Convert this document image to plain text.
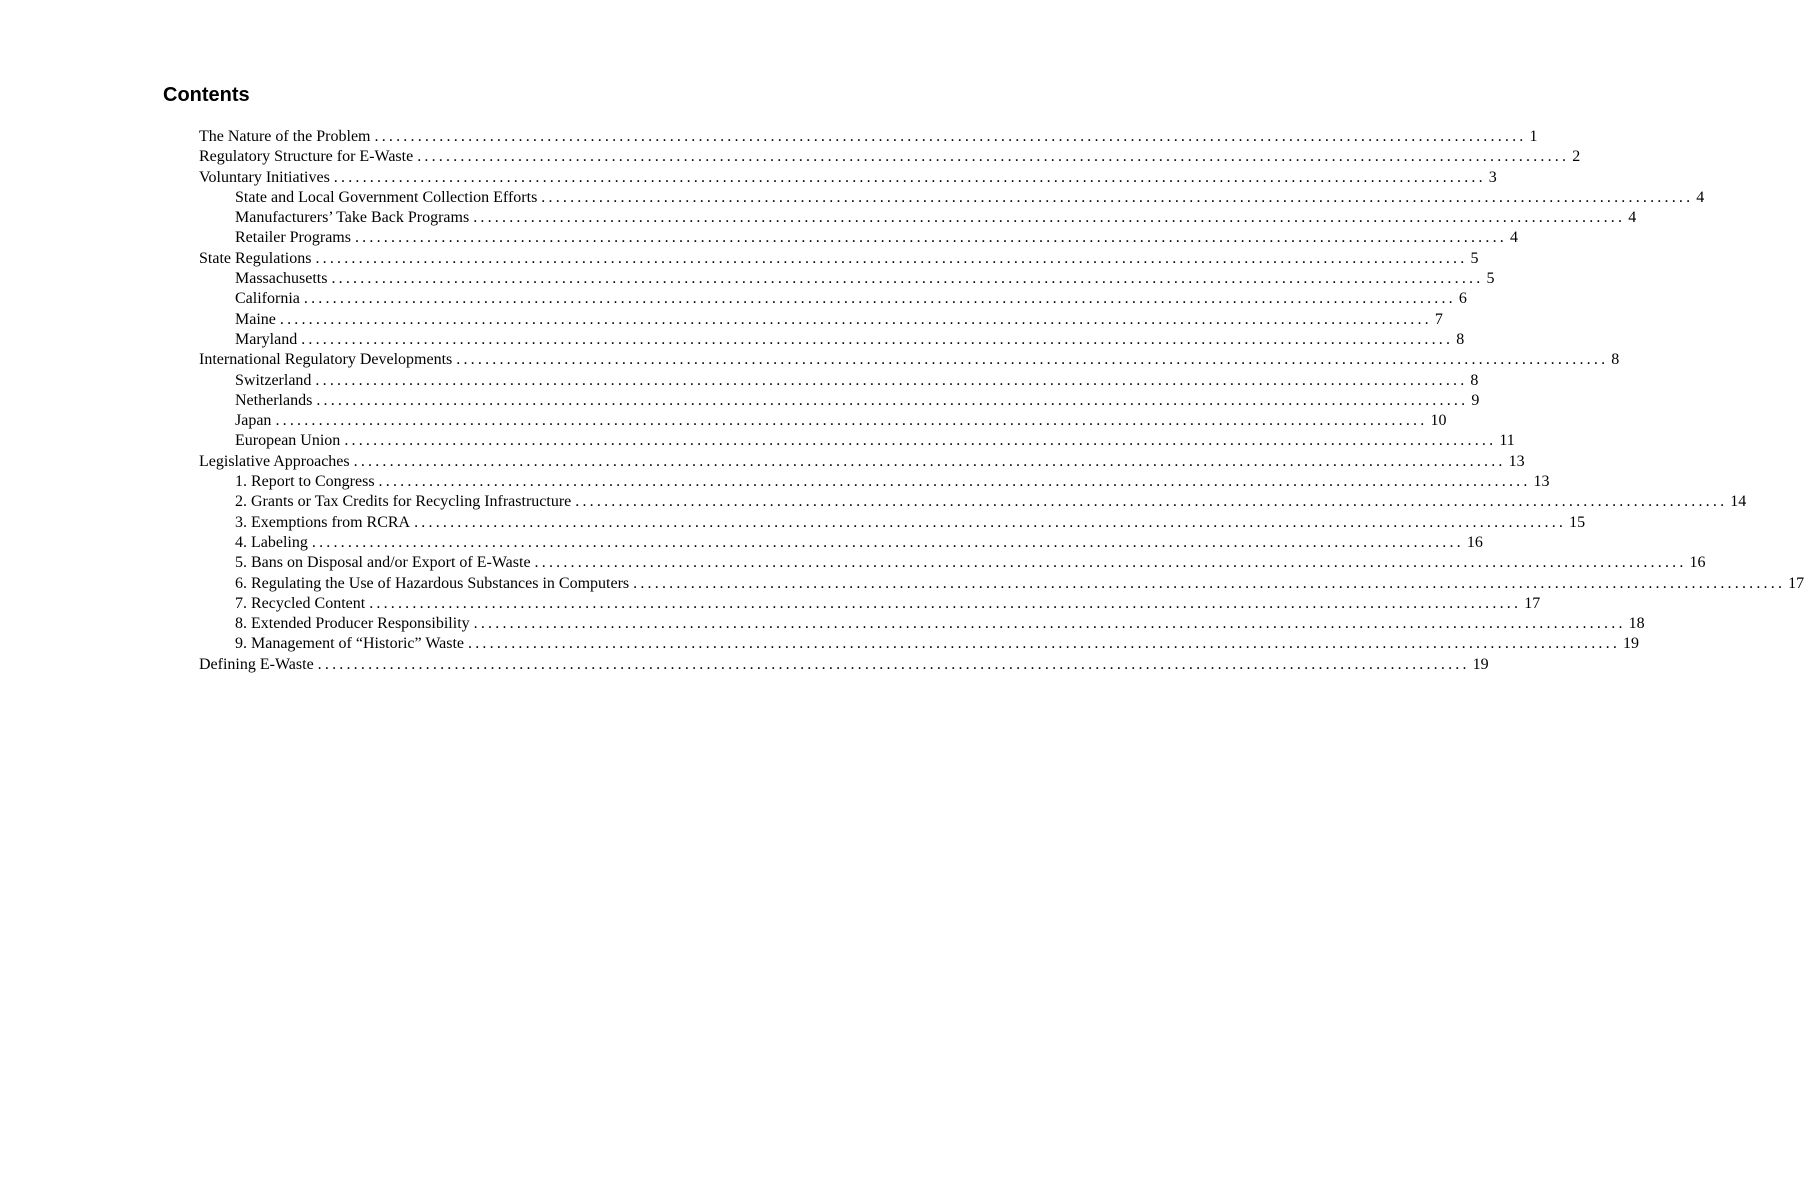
Contents
The Nature of the Problem ................................................................................................................................................................ 1
Regulatory Structure for E-Waste ................................................................................................................................................................ 2
Voluntary Initiatives ................................................................................................................................................................ 3
State and Local Government Collection Efforts ................................................................................................................................................................ 4
Manufacturers’ Take Back Programs ................................................................................................................................................................ 4
Retailer Programs ................................................................................................................................................................ 4
State Regulations ................................................................................................................................................................ 5
Massachusetts ................................................................................................................................................................ 5
California ................................................................................................................................................................ 6
Maine ................................................................................................................................................................ 7
Maryland ................................................................................................................................................................ 8
International Regulatory Developments ................................................................................................................................................................ 8
Switzerland ................................................................................................................................................................ 8
Netherlands ................................................................................................................................................................ 9
Japan ................................................................................................................................................................ 10
European Union ................................................................................................................................................................ 11
Legislative Approaches ................................................................................................................................................................ 13
1. Report to Congress ................................................................................................................................................................ 13
2. Grants or Tax Credits for Recycling Infrastructure ................................................................................................................................................................ 14
3. Exemptions from RCRA ................................................................................................................................................................ 15
4. Labeling ................................................................................................................................................................ 16
5. Bans on Disposal and/or Export of E-Waste ................................................................................................................................................................ 16
6. Regulating the Use of Hazardous Substances in Computers ................................................................................................................................................................ 17
7. Recycled Content ................................................................................................................................................................ 17
8. Extended Producer Responsibility ................................................................................................................................................................ 18
9. Management of “Historic” Waste ................................................................................................................................................................ 19
Defining E-Waste ................................................................................................................................................................ 19
